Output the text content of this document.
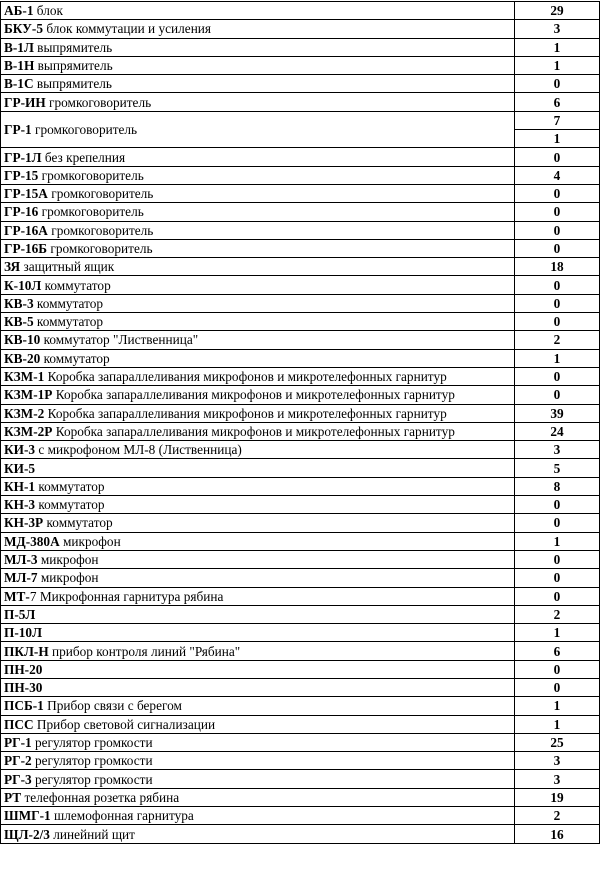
АБ-1 блок	29
БКУ-5 блок коммутации и усиления	3
В-1Л выпрямитель	1
В-1Н выпрямитель	1
В-1С выпрямитель	0
ГР-ИН громкоговоритель	6
ГР-1 громкоговоритель	7
	1
ГР-1Л без крепелния	0
ГР-15 громкоговоритель	4
ГР-15А громкоговоритель	0
ГР-16 громкоговоритель	0
ГР-16А громкоговоритель	0
ГР-16Б громкоговоритель	0
ЗЯ защитный ящик	18
К-10Л коммутатор	0
КВ-3 коммутатор	0
КВ-5 коммутатор	0
КВ-10 коммутатор "Лиственница"	2
КВ-20 коммутатор	1
КЗМ-1 Коробка запараллеливания микрофонов и микротелефонных гарнитур	0
КЗМ-1Р Коробка запараллеливания микрофонов и микротелефонных гарнитур	0
КЗМ-2 Коробка запараллеливания микрофонов и микротелефонных гарнитур	39
КЗМ-2Р Коробка запараллеливания микрофонов и микротелефонных гарнитур	24
КИ-3 с микрофоном МЛ-8 (Лиственница)	3
КИ-5	5
КН-1 коммутатор	8
КН-3 коммутатор	0
КН-3Р коммутатор	0
МД-380А микрофон	1
МЛ-3 микрофон	0
МЛ-7 микрофон	0
МТ-7 Микрофонная гарнитура рябина	0
П-5Л	2
П-10Л	1
ПКЛ-Н прибор контроля линий "Рябина"	6
ПН-20	0
ПН-30	0
ПСБ-1 Прибор связи с берегом	1
ПСС Прибор световой сигнализации	1
РГ-1 регулятор громкости	25
РГ-2 регулятор громкости	3
РГ-3 регулятор громкости	3
РТ телефонная розетка рябина	19
ШМГ-1 шлемофонная гарнитура	2
ЩЛ-2/3 линейний щит	16
